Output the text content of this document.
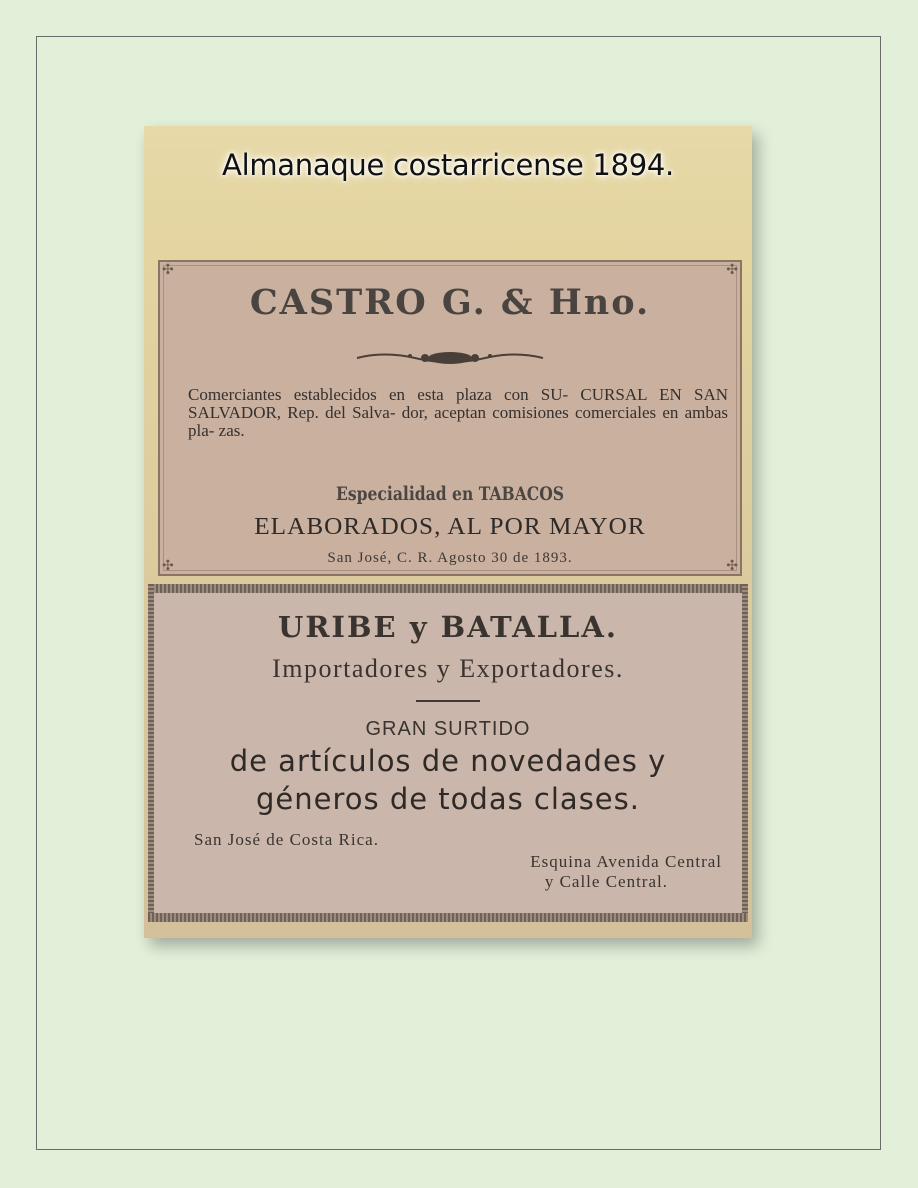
Almanaque costarricense 1894.
✣	✣
✣	✣
CASTRO G. & Hno.
Comerciantes establecidos en esta plaza con SU- CURSAL EN SAN SALVADOR, Rep. del Salva- dor, aceptan comisiones comerciales en ambas pla- zas.
Especialidad en TABACOS
ELABORADOS, AL POR MAYOR
San José, C. R. Agosto 30 de 1893.
URIBE y BATALLA.
Importadores y Exportadores.
GRAN SURTIDO
de artículos de novedades y
géneros de todas clases.
San José de Costa Rica.
Esquina Avenida Central
y Calle Central.
